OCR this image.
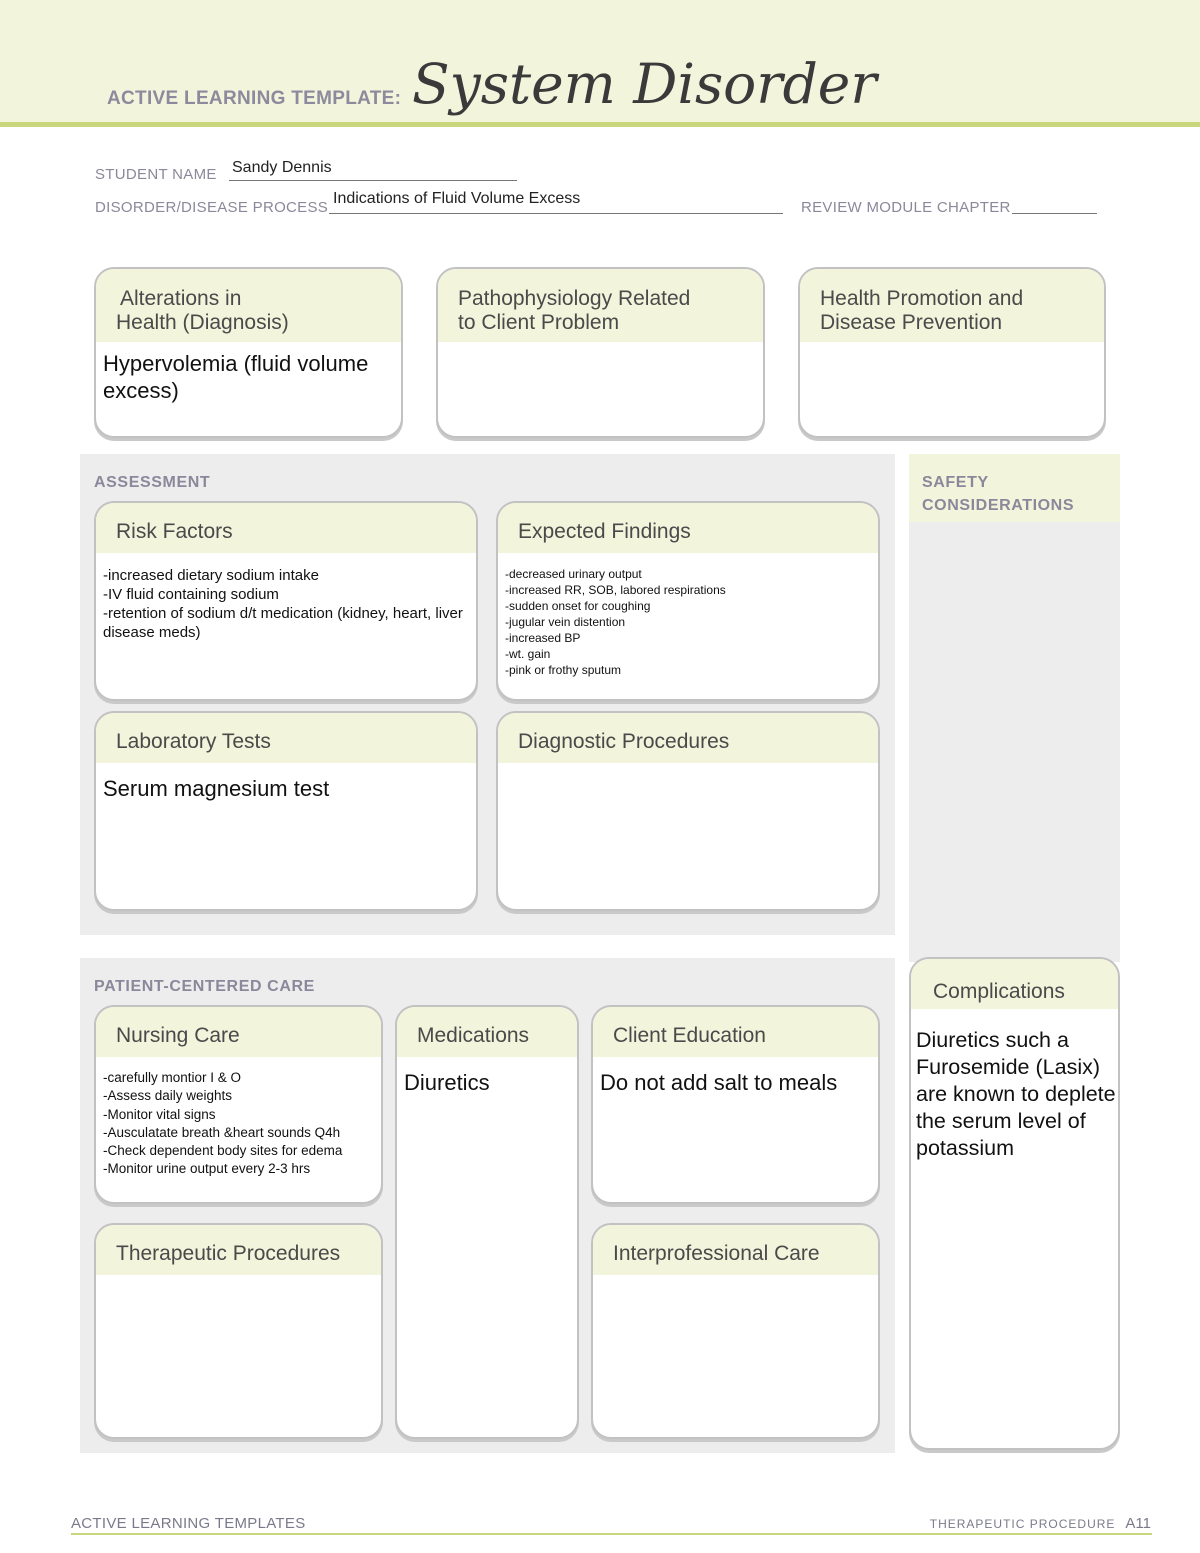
ACTIVE LEARNING TEMPLATE: System Disorder
STUDENT NAME Sandy Dennis
DISORDER/DISEASE PROCESS
Indications of Fluid Volume Excess
REVIEW MODULE CHAPTER
Alterations in
Health (Diagnosis)
Hypervolemia (fluid volume excess)
Pathophysiology Related
to Client Problem
Health Promotion and
Disease Prevention
ASSESSMENT
Risk Factors
-increased dietary sodium intake
-IV fluid containing sodium
-retention of sodium d/t medication (kidney, heart, liver disease meds)
Expected Findings
-decreased urinary output
-increased RR, SOB, labored respirations
-sudden onset for coughing
-jugular vein distention
-increased BP
-wt. gain
-pink or frothy sputum
Laboratory Tests
Serum magnesium test
Diagnostic Procedures
SAFETY
CONSIDERATIONS
PATIENT-CENTERED CARE
Nursing Care
-carefully montior I & O
-Assess daily weights
-Monitor vital signs
-Ausculatate breath &heart sounds Q4h
-Check dependent body sites for edema
-Monitor urine output every 2-3 hrs
Medications
Diuretics
Client Education
Do not add salt to meals
Therapeutic Procedures	Interprofessional Care
Complications
Diuretics such a Furosemide (Lasix) are known to deplete the serum level of potassium
ACTIVE LEARNING TEMPLATES	THERAPEUTIC PROCEDURE A11
